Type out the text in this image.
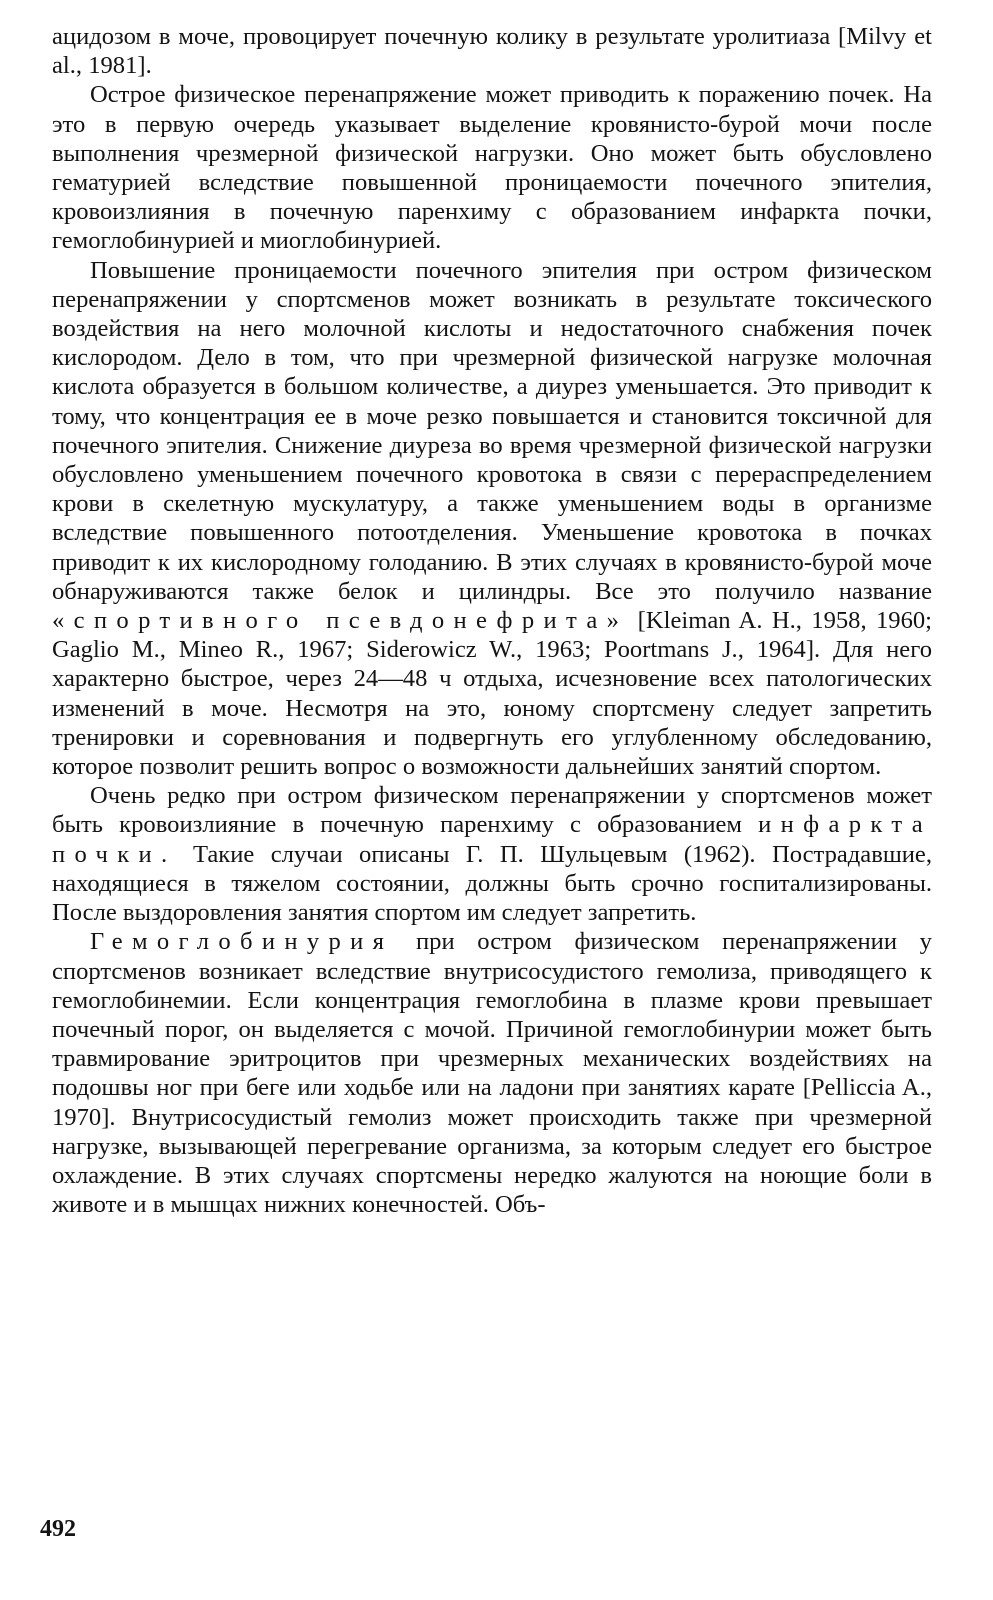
ацидозом в моче, провоцирует почечную колику в результате уролитиаза [Milvy et al., 1981].

Острое физическое перенапряжение может приводить к поражению почек. На это в первую очередь указывает выделение кровянисто-бурой мочи после выполнения чрезмерной физической нагрузки. Оно может быть обусловлено гематурией вследствие повышенной проницаемости почечного эпителия, кровоизлияния в почечную паренхиму с образованием инфаркта почки, гемоглобинурией и миоглобинурией.

Повышение проницаемости почечного эпителия при остром физическом перенапряжении у спортсменов может возникать в результате токсического воздействия на него молочной кислоты и недостаточного снабжения почек кислородом. Дело в том, что при чрезмерной физической нагрузке молочная кислота образуется в большом количестве, а диурез уменьшается. Это приводит к тому, что концентрация ее в моче резко повышается и становится токсичной для почечного эпителия. Снижение диуреза во время чрезмерной физической нагрузки обусловлено уменьшением почечного кровотока в связи с перераспределением крови в скелетную мускулатуру, а также уменьшением воды в организме вследствие повышенного потоотделения. Уменьшение кровотока в почках приводит к их кислородному голоданию. В этих случаях в кровянисто-бурой моче обнаруживаются также белок и цилиндры. Все это получило название «спортивного псевдонефрита» [Kleiman A. H., 1958, 1960; Gaglio M., Mineo R., 1967; Siderowicz W., 1963; Poortmans J., 1964]. Для него характерно быстрое, через 24—48 ч отдыха, исчезновение всех патологических изменений в моче. Несмотря на это, юному спортсмену следует запретить тренировки и соревнования и подвергнуть его углубленному обследованию, которое позволит решить вопрос о возможности дальнейших занятий спортом.

Очень редко при остром физическом перенапряжении у спортсменов может быть кровоизлияние в почечную паренхиму с образованием инфаркта почки. Такие случаи описаны Г. П. Шульцевым (1962). Пострадавшие, находящиеся в тяжелом состоянии, должны быть срочно госпитализированы. После выздоровления занятия спортом им следует запретить.

Гемоглобинурия при остром физическом перенапряжении у спортсменов возникает вследствие внутрисосудистого гемолиза, приводящего к гемоглобинемии. Если концентрация гемоглобина в плазме крови превышает почечный порог, он выделяется с мочой. Причиной гемоглобинурии может быть травмирование эритроцитов при чрезмерных механических воздействиях на подошвы ног при беге или ходьбе или на ладони при занятиях карате [Pelliccia A., 1970]. Внутрисосудистый гемолиз может происходить также при чрезмерной нагрузке, вызывающей перегревание организма, за которым следует его быстрое охлаждение. В этих случаях спортсмены нередко жалуются на ноющие боли в животе и в мышцах нижних конечностей. Объ-

492
